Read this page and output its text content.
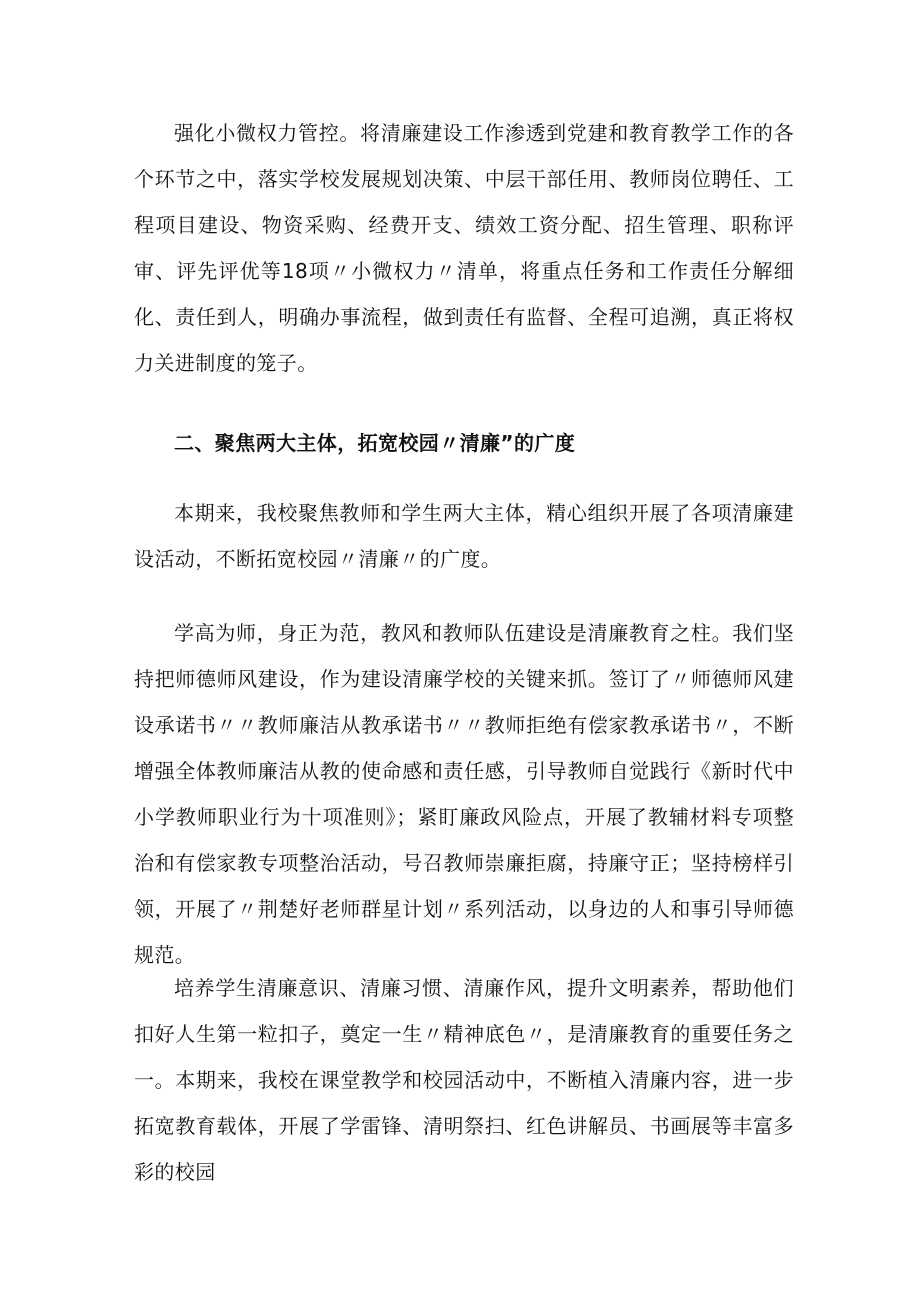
强化小微权力管控。将清廉建设工作渗透到党建和教育教学工作的各个环节之中，落实学校发展规划决策、中层干部任用、教师岗位聘任、工程项目建设、物资采购、经费开支、绩效工资分配、招生管理、职称评审、评先评优等18项〃小微权力〃清单，将重点任务和工作责任分解细化、责任到人，明确办事流程，做到责任有监督、全程可追溯，真正将权力关进制度的笼子。

二、聚焦两大主体，拓宽校园〃清廉”的广度

本期来，我校聚焦教师和学生两大主体，精心组织开展了各项清廉建设活动，不断拓宽校园〃清廉〃的广度。

学高为师，身正为范，教风和教师队伍建设是清廉教育之柱。我们坚持把师德师风建设，作为建设清廉学校的关键来抓。签订了〃师德师风建设承诺书〃〃教师廉洁从教承诺书〃〃教师拒绝有偿家教承诺书〃，不断增强全体教师廉洁从教的使命感和责任感，引导教师自觉践行《新时代中小学教师职业行为十项准则》；紧盯廉政风险点，开展了教辅材料专项整治和有偿家教专项整治活动，号召教师崇廉拒腐，持廉守正；坚持榜样引领，开展了〃荆楚好老师群星计划〃系列活动，以身边的人和事引导师德规范。

培养学生清廉意识、清廉习惯、清廉作风，提升文明素养，帮助他们扣好人生第一粒扣子，奠定一生〃精神底色〃，是清廉教育的重要任务之一。本期来，我校在课堂教学和校园活动中，不断植入清廉内容，进一步拓宽教育载体，开展了学雷锋、清明祭扫、红色讲解员、书画展等丰富多彩的校园
